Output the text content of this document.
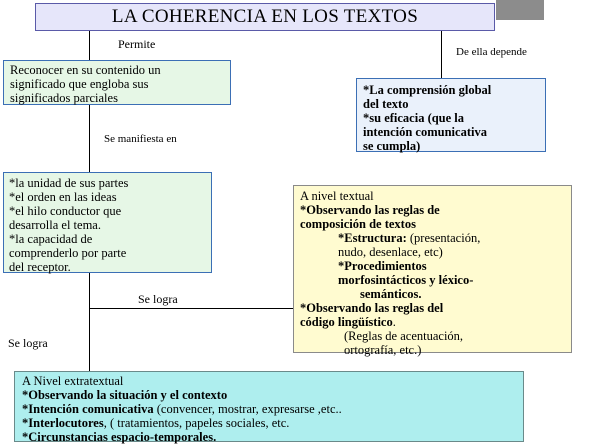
LA COHERENCIA EN LOS TEXTOS
Permite
De ella depende
Se manifiesta en
Se logra
Se logra
Reconocer en su contenido un
significado que engloba sus
significados parciales
*La comprensión global
del texto
*su eficacia (que la
intención comunicativa
se cumpla)
*la unidad de sus partes
*el orden en las ideas
*el hilo conductor que
desarrolla el tema.
*la capacidad de
comprenderlo por parte
del receptor.
A nivel textual
*Observando las reglas de
composición de textos
*Estructura: (presentación,
nudo, desenlace, etc)
*Procedimientos
morfosintácticos y léxico-
semánticos.
*Observando las reglas del
código lingüístico.
(Reglas de acentuación,
ortografía, etc.)
A Nivel extratextual
*Observando la situación y el contexto
*Intención comunicativa (convencer, mostrar, expresarse ,etc..
*Interlocutores, ( tratamientos, papeles sociales, etc.
*Circunstancias espacio-temporales.
